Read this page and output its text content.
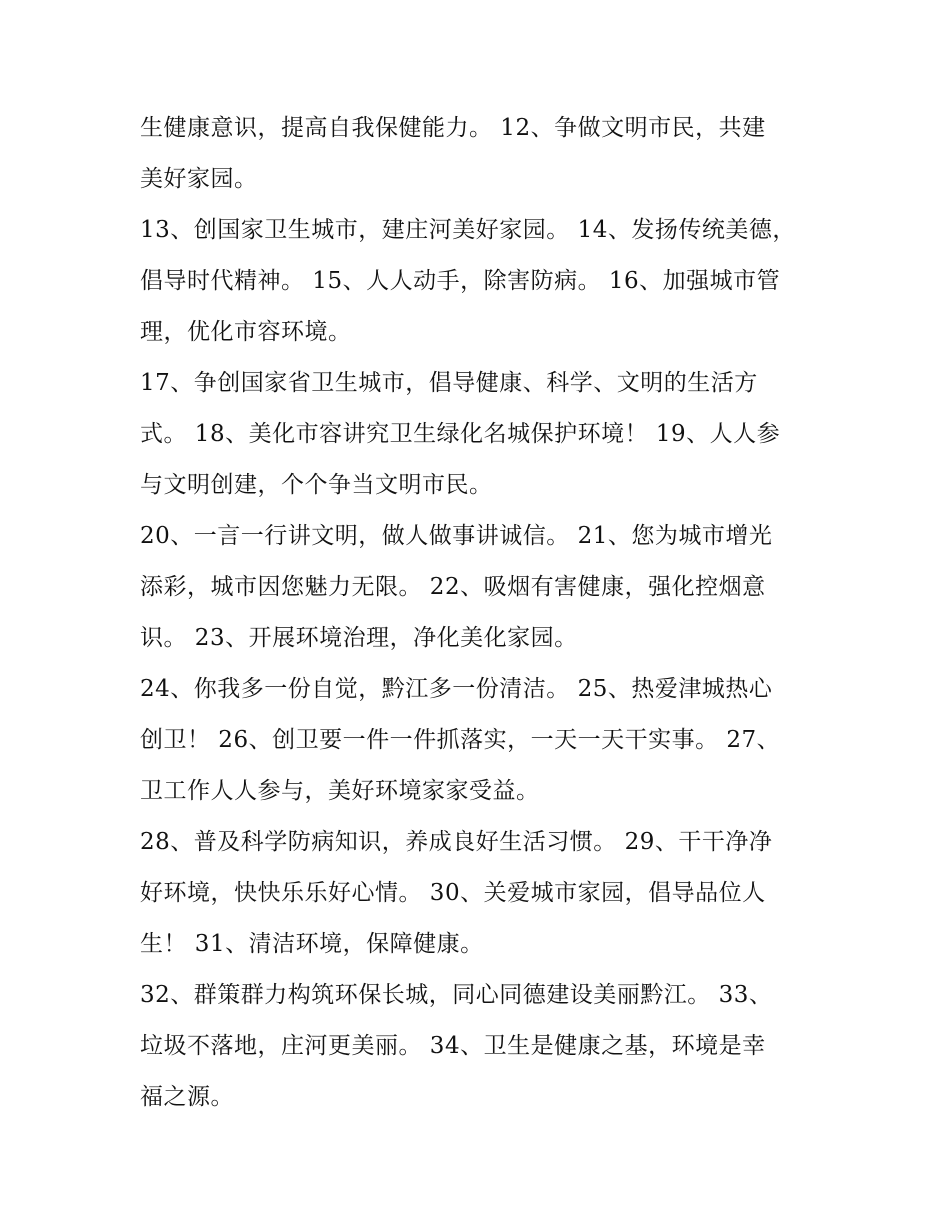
生健康意识，提高自我保健能力。 12、争做文明市民，共建
美好家园。
13、创国家卫生城市，建庄河美好家园。 14、发扬传统美德，
倡导时代精神。 15、人人动手，除害防病。 16、加强城市管
理，优化市容环境。
17、争创国家省卫生城市，倡导健康、科学、文明的生活方
式。 18、美化市容讲究卫生绿化名城保护环境！ 19、人人参
与文明创建，个个争当文明市民。
20、一言一行讲文明，做人做事讲诚信。 21、您为城市增光
添彩，城市因您魅力无限。 22、吸烟有害健康，强化控烟意
识。 23、开展环境治理，净化美化家园。
24、你我多一份自觉，黔江多一份清洁。 25、热爱津城热心
创卫！ 26、创卫要一件一件抓落实，一天一天干实事。 27、
卫工作人人参与，美好环境家家受益。
28、普及科学防病知识，养成良好生活习惯。 29、干干净净
好环境，快快乐乐好心情。 30、关爱城市家园，倡导品位人
生！ 31、清洁环境，保障健康。
32、群策群力构筑环保长城，同心同德建设美丽黔江。 33、
垃圾不落地，庄河更美丽。 34、卫生是健康之基，环境是幸
福之源。
